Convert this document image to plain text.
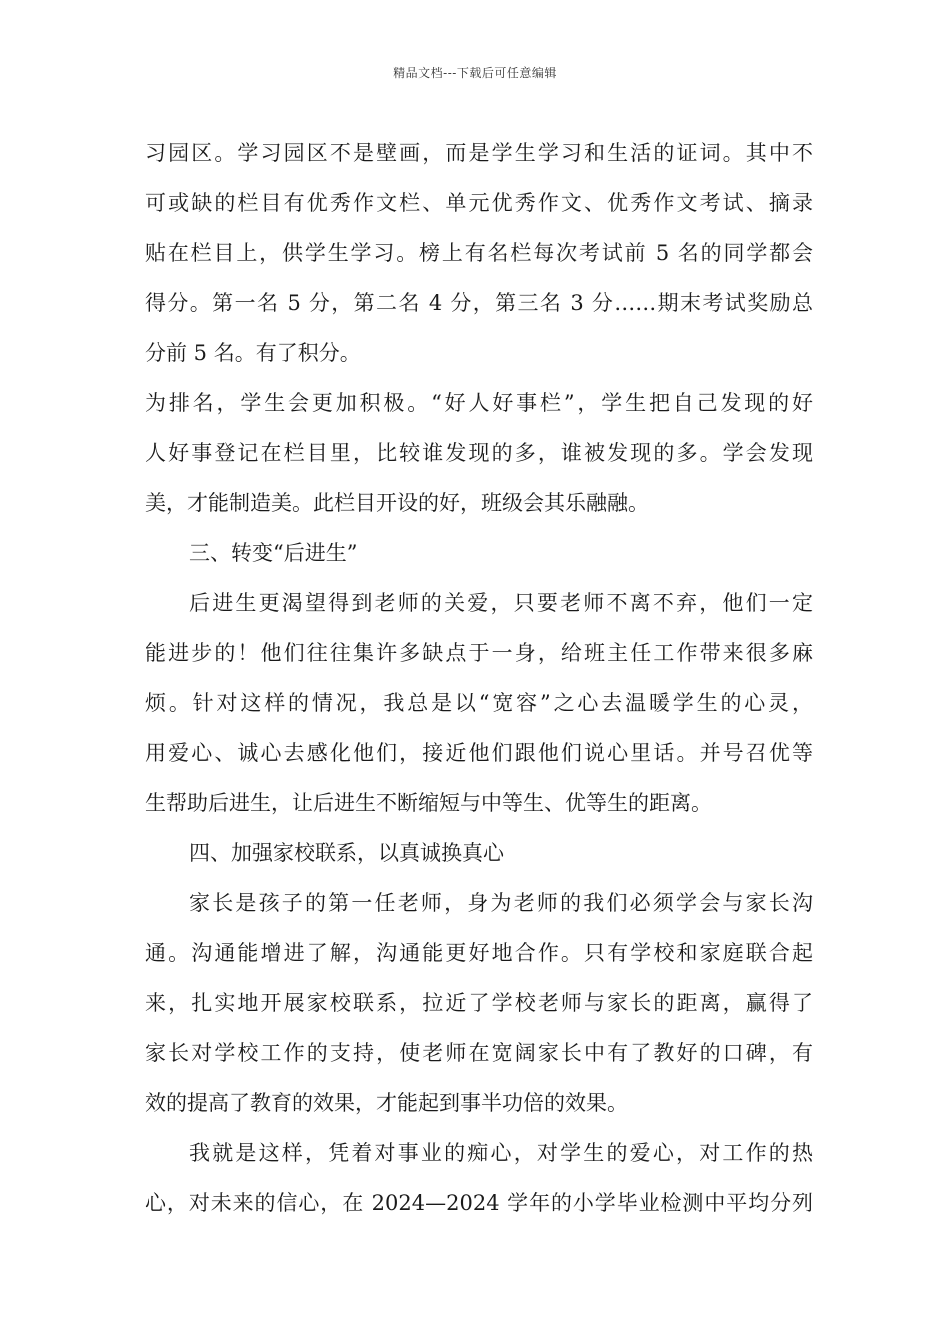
精品文档---下载后可任意编辑
习园区。学习园区不是壁画，而是学生学习和生活的证词。其中不
可或缺的栏目有优秀作文栏、单元优秀作文、优秀作文考试、摘录
贴在栏目上，供学生学习。榜上有名栏每次考试前 5 名的同学都会
得分。第一名 5 分，第二名 4 分，第三名 3 分……期末考试奖励总
分前 5 名。有了积分。
为排名，学生会更加积极。“好人好事栏”，学生把自己发现的好
人好事登记在栏目里，比较谁发现的多，谁被发现的多。学会发现
美，才能制造美。此栏目开设的好，班级会其乐融融。
三、转变“后进生”
后进生更渴望得到老师的关爱，只要老师不离不弃，他们一定
能进步的！他们往往集许多缺点于一身，给班主任工作带来很多麻
烦。针对这样的情况，我总是以“宽容”之心去温暖学生的心灵，
用爱心、诚心去感化他们，接近他们跟他们说心里话。并号召优等
生帮助后进生，让后进生不断缩短与中等生、优等生的距离。
四、加强家校联系，以真诚换真心
家长是孩子的第一任老师，身为老师的我们必须学会与家长沟
通。沟通能增进了解，沟通能更好地合作。只有学校和家庭联合起
来，扎实地开展家校联系，拉近了学校老师与家长的距离，赢得了
家长对学校工作的支持，使老师在宽阔家长中有了教好的口碑，有
效的提高了教育的效果，才能起到事半功倍的效果。
我就是这样，凭着对事业的痴心，对学生的爱心，对工作的热
心，对未来的信心，在 2024—2024 学年的小学毕业检测中平均分列
